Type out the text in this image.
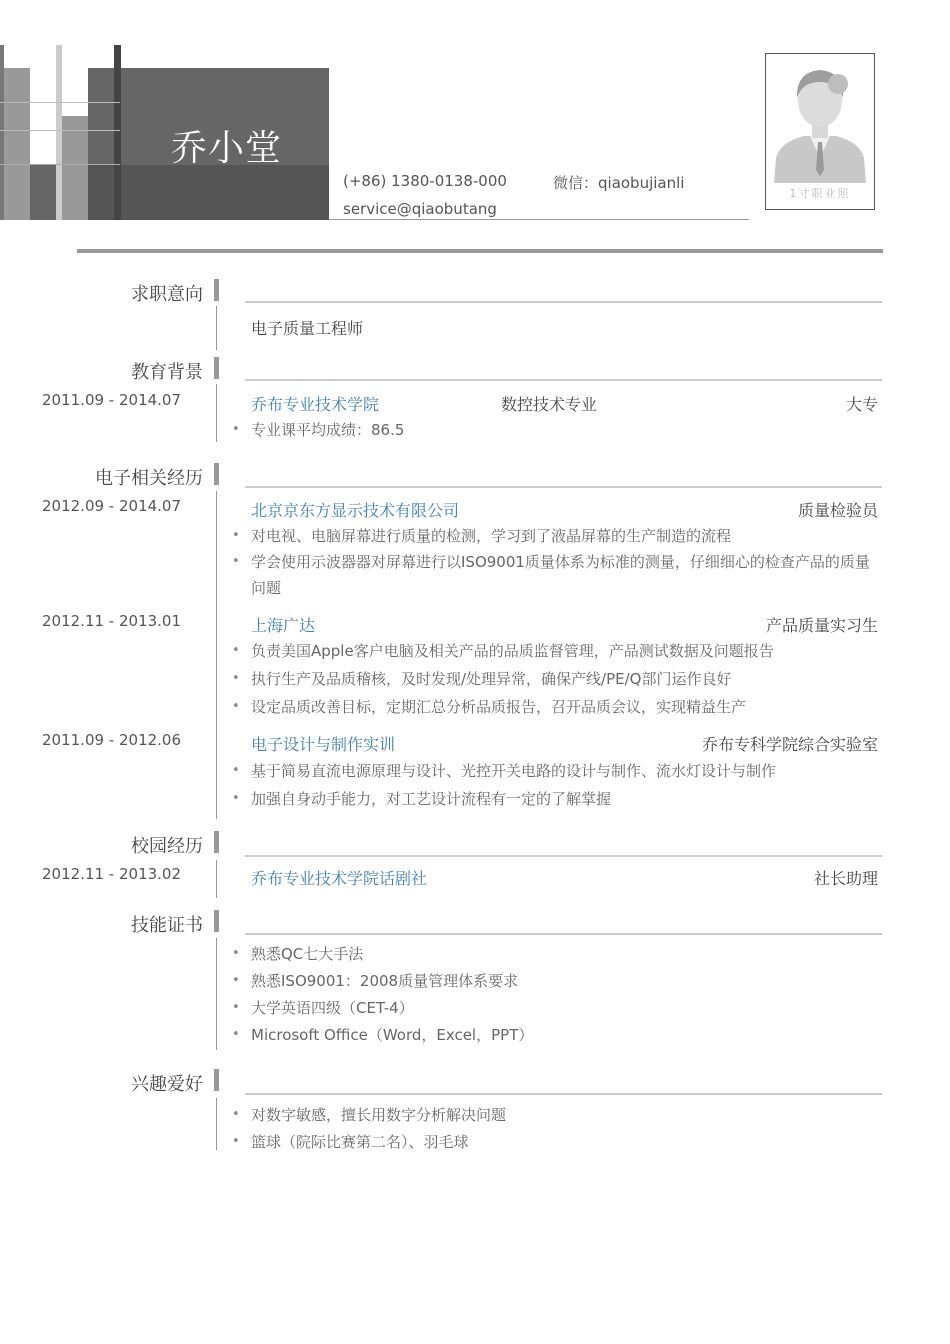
乔小堂
(+86) 1380-0138-000	微信：qiaobujianli
service@qiaobutang
1寸职业照
求职意向
电子质量工程师
教育背景
2011.09 - 2014.07	乔布专业技术学院	数控技术专业	大专
• 专业课平均成绩：86.5
电子相关经历
2012.09 - 2014.07	北京京东方显示技术有限公司	质量检验员
• 对电视、电脑屏幕进行质量的检测，学习到了液晶屏幕的生产制造的流程
• 学会使用示波器器对屏幕进行以ISO9001质量体系为标准的测量，仔细细心的检查产品的质量问题
2012.11 - 2013.01	上海广达	产品质量实习生
• 负责美国Apple客户电脑及相关产品的品质监督管理，产品测试数据及问题报告
• 执行生产及品质稽核，及时发现/处理异常，确保产线/PE/Q部门运作良好
• 设定品质改善目标，定期汇总分析品质报告，召开品质会议，实现精益生产
2011.09 - 2012.06	电子设计与制作实训	乔布专科学院综合实验室
• 基于简易直流电源原理与设计、光控开关电路的设计与制作、流水灯设计与制作
• 加强自身动手能力，对工艺设计流程有一定的了解掌握
校园经历
2012.11 - 2013.02	乔布专业技术学院话剧社	社长助理
技能证书
• 熟悉QC七大手法
• 熟悉ISO9001：2008质量管理体系要求
• 大学英语四级（CET-4）
• Microsoft Office（Word，Excel，PPT）
兴趣爱好
• 对数字敏感，擅长用数字分析解决问题
• 篮球（院际比赛第二名）、羽毛球
